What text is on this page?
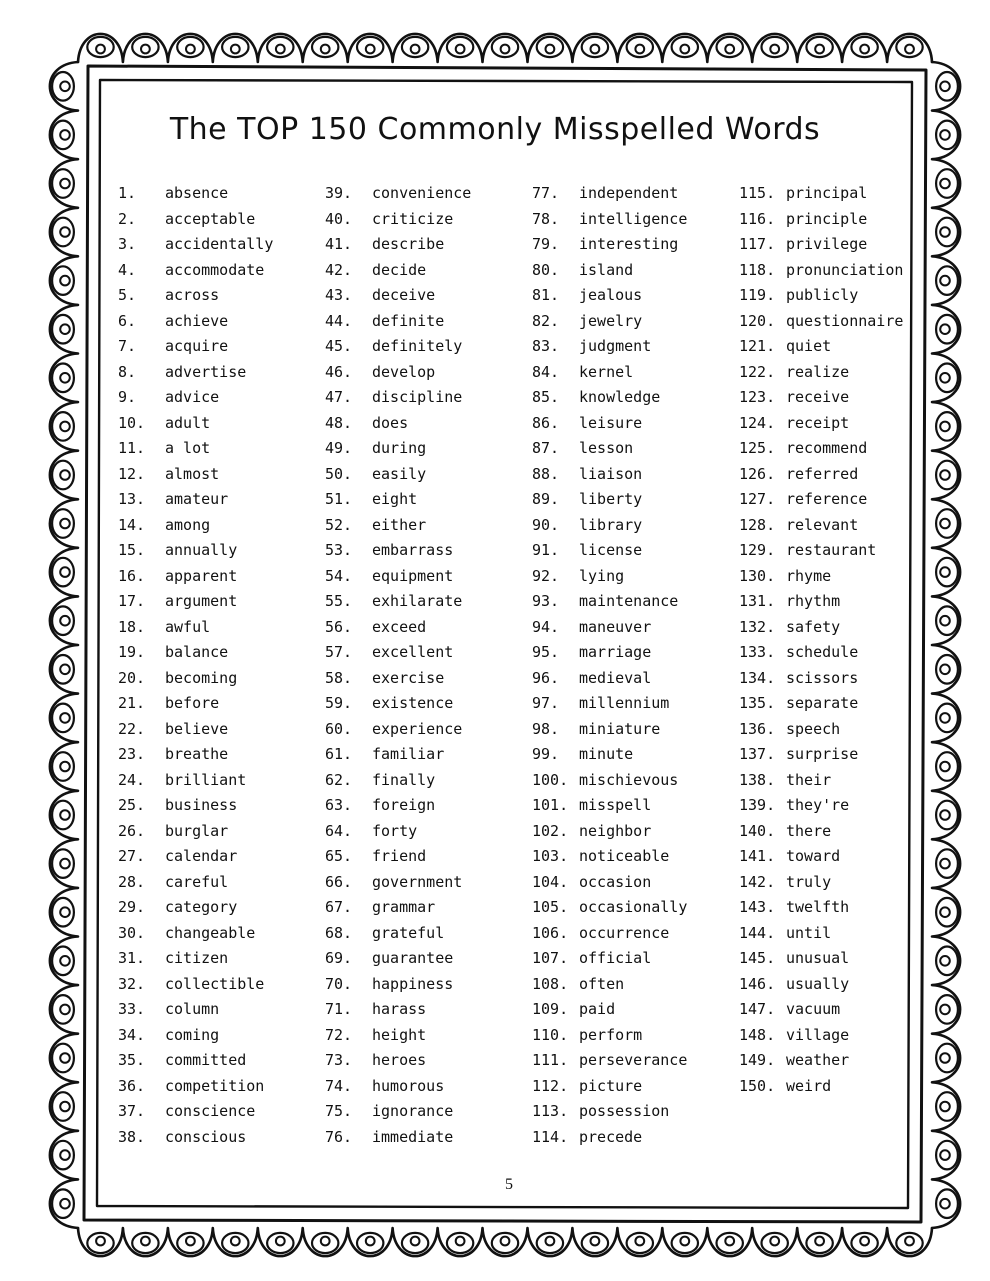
The TOP 150 Commonly Misspelled Words
1. absence
2. acceptable
3. accidentally
4. accommodate
5. across
6. achieve
7. acquire
8. advertise
9. advice
10. adult
11. a lot
12. almost
13. amateur
14. among
15. annually
16. apparent
17. argument
18. awful
19. balance
20. becoming
21. before
22. believe
23. breathe
24. brilliant
25. business
26. burglar
27. calendar
28. careful
29. category
30. changeable
31. citizen
32. collectible
33. column
34. coming
35. committed
36. competition
37. conscience
38. conscious
39. convenience
40. criticize
41. describe
42. decide
43. deceive
44. definite
45. definitely
46. develop
47. discipline
48. does
49. during
50. easily
51. eight
52. either
53. embarrass
54. equipment
55. exhilarate
56. exceed
57. excellent
58. exercise
59. existence
60. experience
61. familiar
62. finally
63. foreign
64. forty
65. friend
66. government
67. grammar
68. grateful
69. guarantee
70. happiness
71. harass
72. height
73. heroes
74. humorous
75. ignorance
76. immediate
77. independent
78. intelligence
79. interesting
80. island
81. jealous
82. jewelry
83. judgment
84. kernel
85. knowledge
86. leisure
87. lesson
88. liaison
89. liberty
90. library
91. license
92. lying
93. maintenance
94. maneuver
95. marriage
96. medieval
97. millennium
98. miniature
99. minute
100. mischievous
101. misspell
102. neighbor
103. noticeable
104. occasion
105. occasionally
106. occurrence
107. official
108. often
109. paid
110. perform
111. perseverance
112. picture
113. possession
114. precede
115. principal
116. principle
117. privilege
118. pronunciation
119. publicly
120. questionnaire
121. quiet
122. realize
123. receive
124. receipt
125. recommend
126. referred
127. reference
128. relevant
129. restaurant
130. rhyme
131. rhythm
132. safety
133. schedule
134. scissors
135. separate
136. speech
137. surprise
138. their
139. they're
140. there
141. toward
142. truly
143. twelfth
144. until
145. unusual
146. usually
147. vacuum
148. village
149. weather
150. weird
5
